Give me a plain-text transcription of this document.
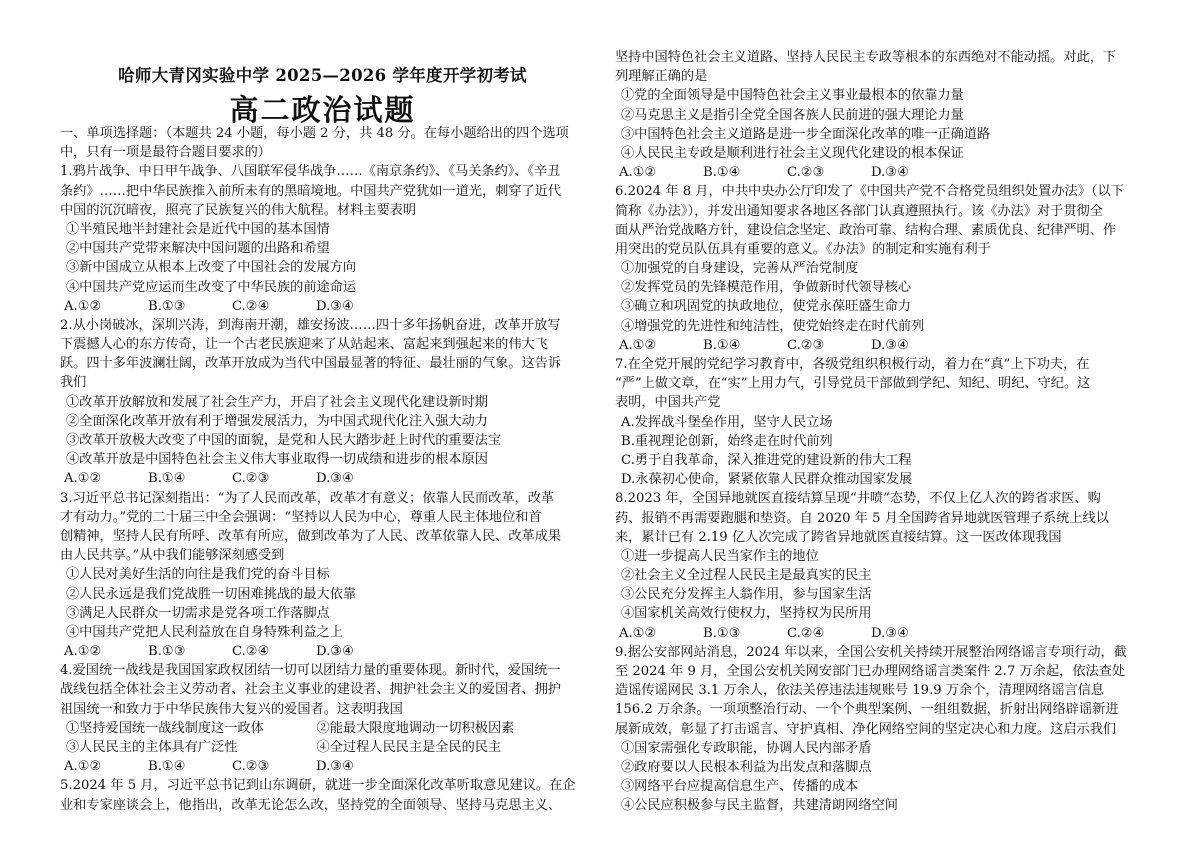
哈师大青冈实验中学 2025—2026 学年度开学初考试
高二政治试题
一、单项选择题：（本题共 24 小题，每小题 2 分，共 48 分。在每小题给出的四个选项
中，只有一项是最符合题目要求的）
1.鸦片战争、中日甲午战争、八国联军侵华战争……《南京条约》、《马关条约》、《辛丑
条约》……把中华民族推入前所未有的黑暗境地。中国共产党犹如一道光，刺穿了近代
中国的沉沉暗夜，照亮了民族复兴的伟大航程。材料主要表明
①半殖民地半封建社会是近代中国的基本国情
②中国共产党带来解决中国问题的出路和希望
③新中国成立从根本上改变了中国社会的发展方向
④中国共产党应运而生改变了中华民族的前途命运
A.①②	B.①③	C.②④	D.③④
2.从小岗破冰，深圳兴涛，到海南开潮，雄安扬波……四十多年扬帆奋进，改革开放写
下震撼人心的东方传奇，让一个古老民族迎来了从站起来、富起来到强起来的伟大飞
跃。四十多年波澜壮阔，改革开放成为当代中国最显著的特征、最壮丽的气象。这告诉
我们
①改革开放解放和发展了社会生产力，开启了社会主义现代化建设新时期
②全面深化改革开放有利于增强发展活力，为中国式现代化注入强大动力
③改革开放极大改变了中国的面貌，是党和人民大踏步赶上时代的重要法宝
④改革开放是中国特色社会主义伟大事业取得一切成绩和进步的根本原因
A.①②	B.①④	C.②③	D.③④
3.习近平总书记深刻指出：“为了人民而改革，改革才有意义；依靠人民而改革，改革
才有动力。”党的二十届三中全会强调：“坚持以人民为中心，尊重人民主体地位和首
创精神，坚持人民有所呼、改革有所应，做到改革为了人民、改革依靠人民、改革成果
由人民共享。”从中我们能够深刻感受到
①人民对美好生活的向往是我们党的奋斗目标
②人民永远是我们党战胜一切困难挑战的最大依靠
③满足人民群众一切需求是党各项工作落脚点
④中国共产党把人民利益放在自身特殊利益之上
A.①②	B.①③	C.②④	D.③④
4.爱国统一战线是我国国家政权团结一切可以团结力量的重要体现。新时代，爱国统一
战线包括全体社会主义劳动者、社会主义事业的建设者、拥护社会主义的爱国者、拥护
祖国统一和致力于中华民族伟大复兴的爱国者。这表明我国
①坚持爱国统一战线制度这一政体　　　　②能最大限度地调动一切积极因素
③人民民主的主体具有广泛性　　　　　　④全过程人民民主是全民的民主
A.①②	B.①④	C.②③	D.③④
5.2024 年 5 月，习近平总书记到山东调研，就进一步全面深化改革听取意见建议。在企
业和专家座谈会上，他指出，改革无论怎么改，坚持党的全面领导、坚持马克思主义、
坚持中国特色社会主义道路、坚持人民民主专政等根本的东西绝对不能动摇。对此，下
列理解正确的是
①党的全面领导是中国特色社会主义事业最根本的依靠力量
②马克思主义是指引全党全国各族人民前进的强大理论力量
③中国特色社会主义道路是进一步全面深化改革的唯一正确道路
④人民民主专政是顺利进行社会主义现代化建设的根本保证
A.①②	B.①④	C.②③	D.③④
6.2024 年 8 月，中共中央办公厅印发了《中国共产党不合格党员组织处置办法》（以下
简称《办法》），并发出通知要求各地区各部门认真遵照执行。该《办法》对于贯彻全
面从严治党战略方针，建设信念坚定、政治可靠、结构合理、素质优良、纪律严明、作
用突出的党员队伍具有重要的意义。《办法》的制定和实施有利于
①加强党的自身建设，完善从严治党制度
②发挥党员的先锋模范作用，争做新时代领导核心
③确立和巩固党的执政地位，使党永葆旺盛生命力
④增强党的先进性和纯洁性，使党始终走在时代前列
A.①②	B.①④	C.②③	D.③④
7.在全党开展的党纪学习教育中，各级党组织积极行动，着力在“真”上下功夫，在
“严”上做文章，在“实”上用力气，引导党员干部做到学纪、知纪、明纪、守纪。这
表明，中国共产党
A.发挥战斗堡垒作用，坚守人民立场
B.重视理论创新，始终走在时代前列
C.勇于自我革命，深入推进党的建设新的伟大工程
D.永葆初心使命，紧紧依靠人民群众推动国家发展
8.2023 年，全国异地就医直接结算呈现“井喷”态势，不仅上亿人次的跨省求医、购
药、报销不再需要跑腿和垫资。自 2020 年 5 月全国跨省异地就医管理子系统上线以
来，累计已有 2.19 亿人次完成了跨省异地就医直接结算。这一医改体现我国
①进一步提高人民当家作主的地位
②社会主义全过程人民民主是最真实的民主
③公民充分发挥主人翁作用，参与国家生活
④国家机关高效行使权力，坚持权为民所用
A.①②	B.①③	C.②④	D.③④
9.据公安部网站消息，2024 年以来，全国公安机关持续开展整治网络谣言专项行动，截
至 2024 年 9 月，全国公安机关网安部门已办理网络谣言类案件 2.7 万余起，依法查处
造谣传谣网民 3.1 万余人，依法关停违法违规账号 19.9 万余个，清理网络谣言信息
156.2 万余条。一项项整治行动、一个个典型案例、一组组数据，折射出网络辟谣新进
展新成效，彰显了打击谣言、守护真相、净化网络空间的坚定决心和力度。这启示我们
①国家需强化专政职能，协调人民内部矛盾
②政府要以人民根本利益为出发点和落脚点
③网络平台应提高信息生产、传播的成本
④公民应积极参与民主监督，共建清朗网络空间
